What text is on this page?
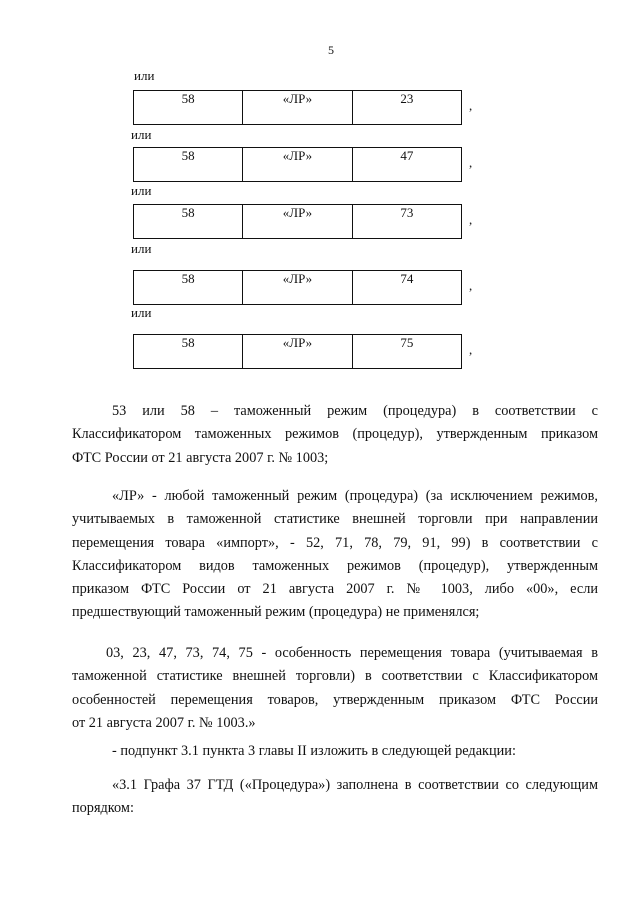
5
или
58	«ЛР»	23	,
или
58	«ЛР»	47	,
или
58	«ЛР»	73	,
или
58	«ЛР»	74	,
или
58	«ЛР»	75	,
53 или 58 – таможенный режим (процедура) в соответствии с
Классификатором таможенных режимов (процедур), утвержденным приказом
ФТС России от 21 августа 2007 г. № 1003;
«ЛР» - любой таможенный режим (процедура) (за исключением режимов,
учитываемых в таможенной статистике внешней торговли при направлении
перемещения товара «импорт», - 52, 71, 78, 79, 91, 99) в соответствии с
Классификатором видов таможенных режимов (процедур), утвержденным
приказом ФТС России от 21 августа 2007 г. № 1003, либо «00», если
предшествующий таможенный режим (процедура) не применялся;
03, 23, 47, 73, 74, 75 - особенность перемещения товара (учитываемая в
таможенной статистике внешней торговли) в соответствии с Классификатором
особенностей перемещения товаров, утвержденным приказом ФТС России
от 21 августа 2007 г. № 1003.»
- подпункт 3.1 пункта 3 главы II изложить в следующей редакции:
«3.1 Графа 37 ГТД («Процедура») заполнена в соответствии со следующим
порядком:
